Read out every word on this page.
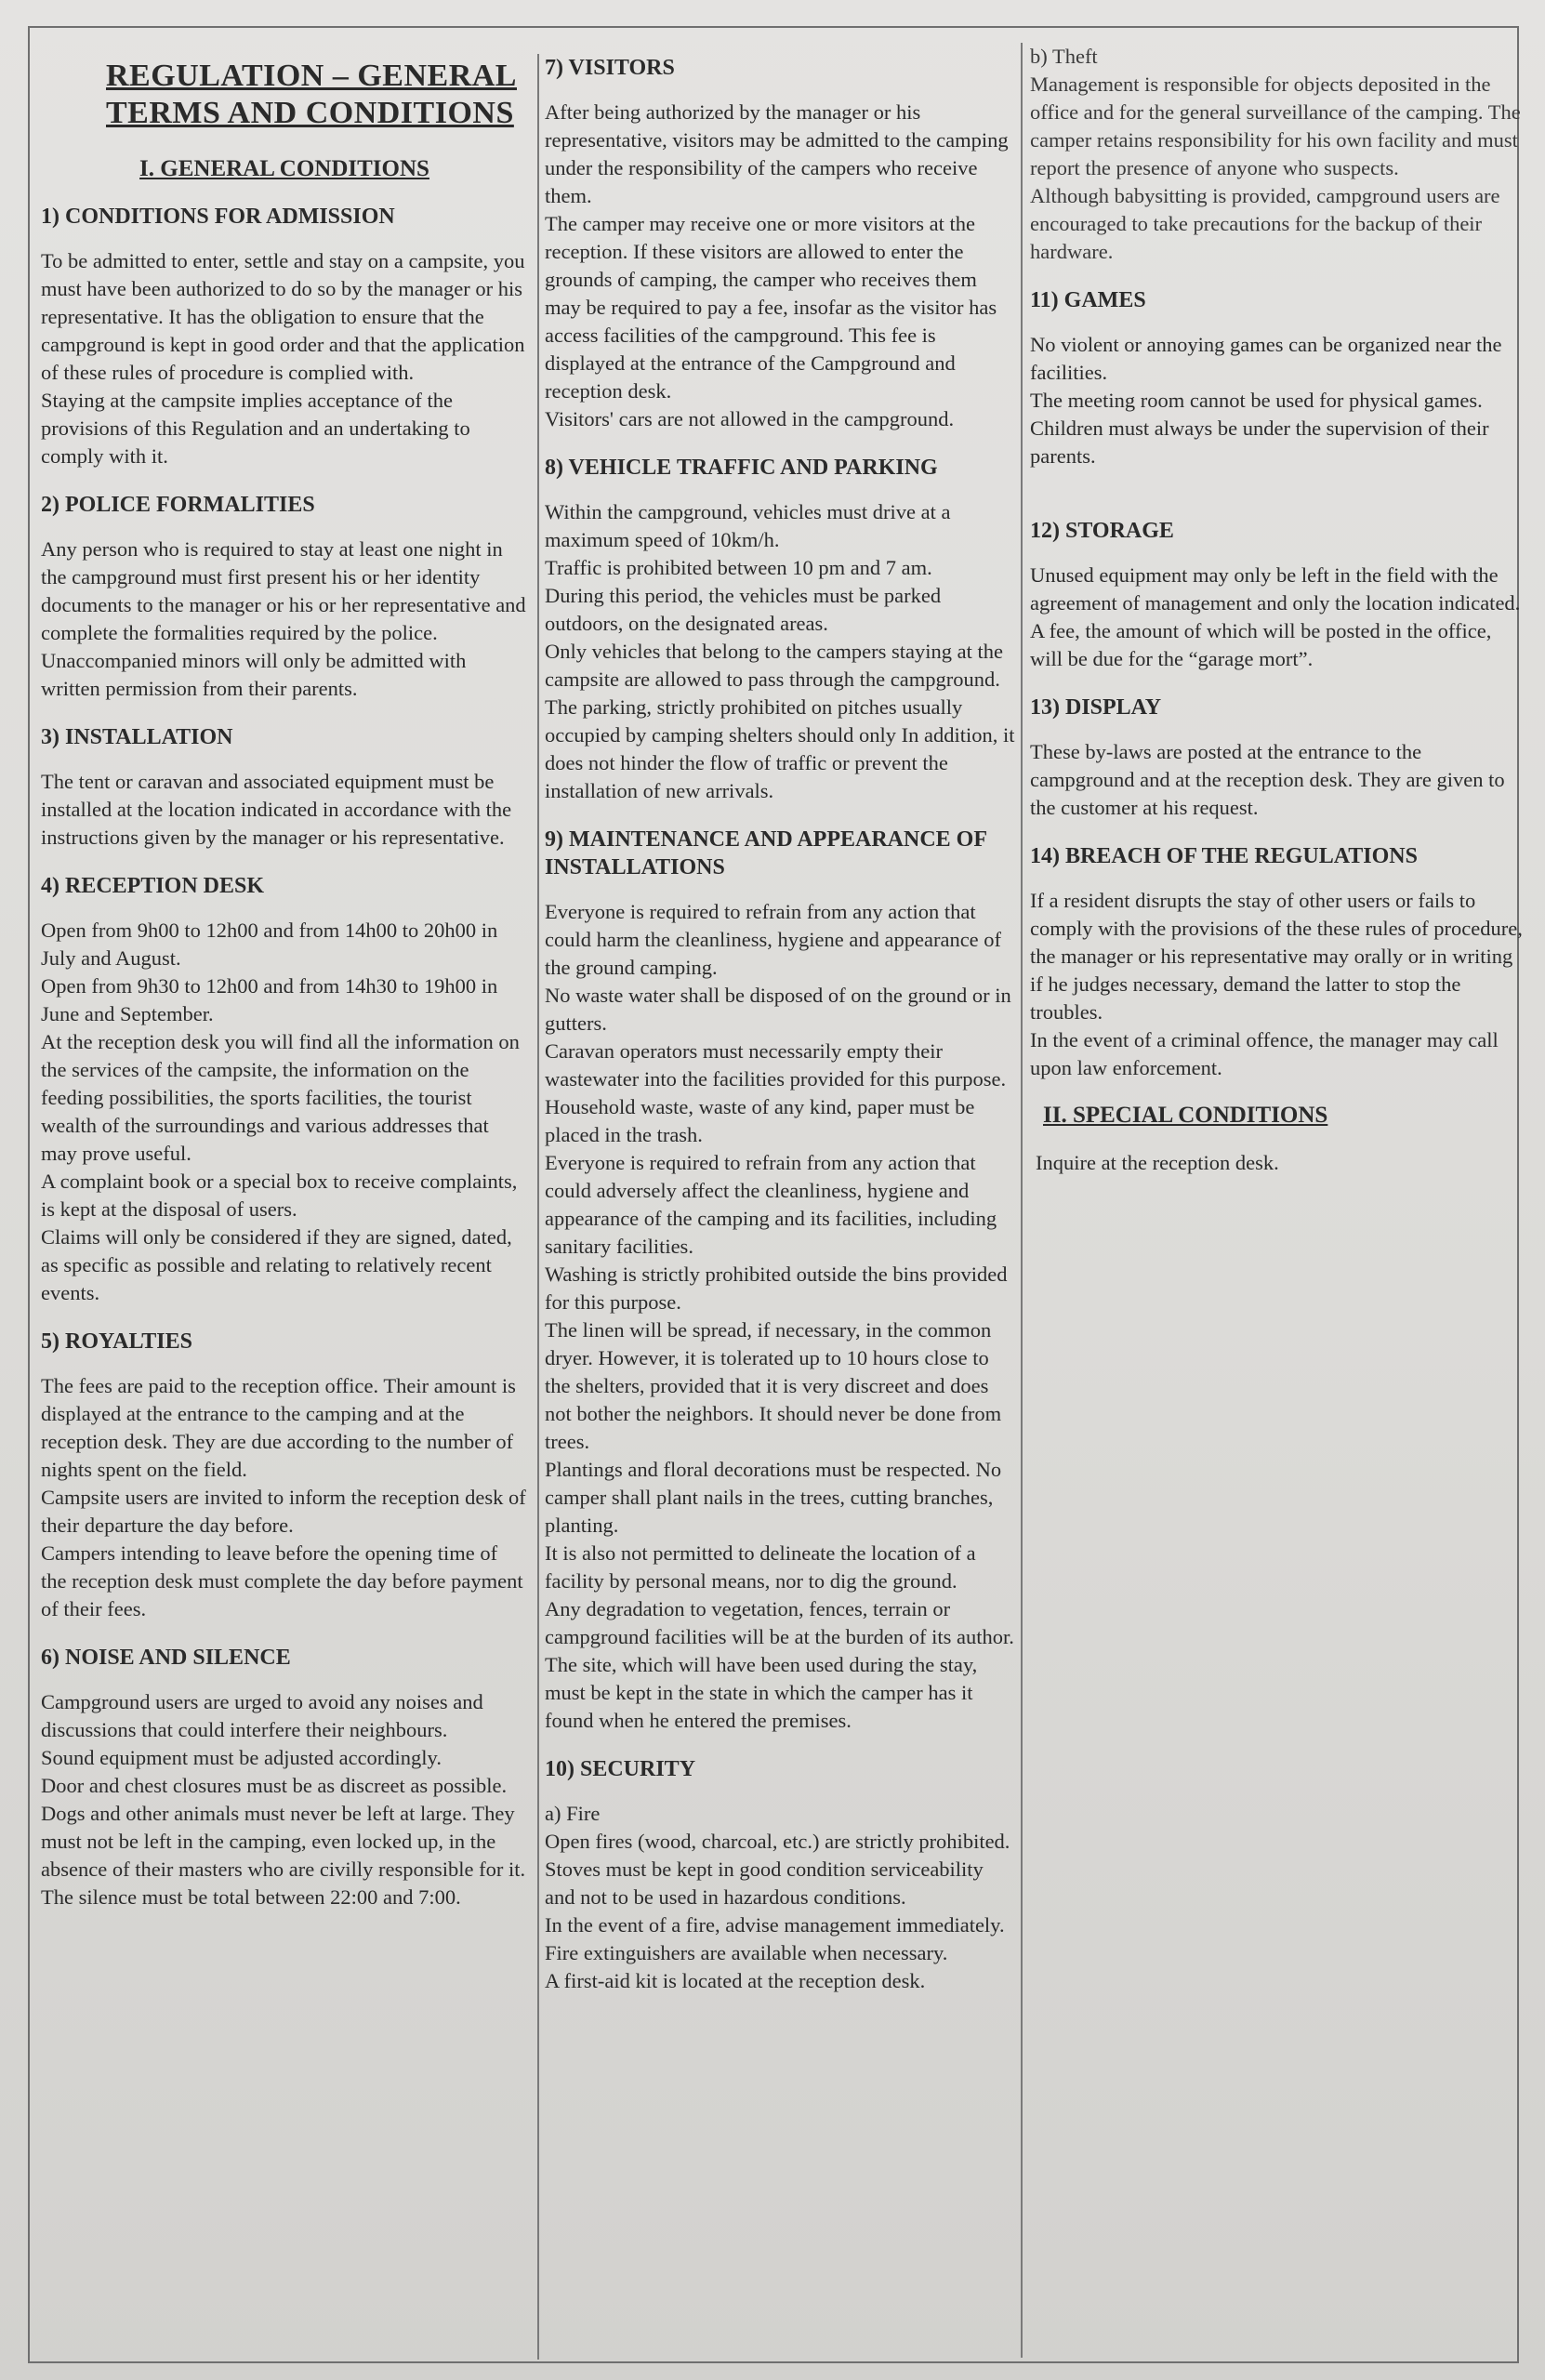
REGULATION – GENERAL TERMS AND CONDITIONS
I. GENERAL CONDITIONS
1) CONDITIONS FOR ADMISSION

To be admitted to enter, settle and stay on a campsite, you must have been authorized to do so by the manager or his representative. It has the obligation to ensure that the campground is kept in good order and that the application of these rules of procedure is complied with.

Staying at the campsite implies acceptance of the provisions of this Regulation and an undertaking to comply with it.

2) POLICE FORMALITIES

Any person who is required to stay at least one night in the campground must first present his or her identity documents to the manager or his or her representative and complete the formalities required by the police.

Unaccompanied minors will only be admitted with written permission from their parents.

3) INSTALLATION

The tent or caravan and associated equipment must be installed at the location indicated in accordance with the instructions given by the manager or his representative.

4) RECEPTION DESK

Open from 9h00 to 12h00 and from 14h00 to 20h00 in July and August.

Open from 9h30 to 12h00 and from 14h30 to 19h00 in June and September.

At the reception desk you will find all the information on the services of the campsite, the information on the feeding possibilities, the sports facilities, the tourist wealth of the surroundings and various addresses that may prove useful.

A complaint book or a special box to receive complaints, is kept at the disposal of users.

Claims will only be considered if they are signed, dated, as specific as possible and relating to relatively recent events.

5) ROYALTIES

The fees are paid to the reception office. Their amount is displayed at the entrance to the camping and at the reception desk. They are due according to the number of nights spent on the field.

Campsite users are invited to inform the reception desk of their departure the day before.

Campers intending to leave before the opening time of the reception desk must complete the day before payment of their fees.

6) NOISE AND SILENCE

Campground users are urged to avoid any noises and discussions that could interfere their neighbours.

Sound equipment must be adjusted accordingly.

Door and chest closures must be as discreet as possible.

Dogs and other animals must never be left at large. They must not be left in the camping, even locked up, in the absence of their masters who are civilly responsible for it.

The silence must be total between 22:00 and 7:00.

7) VISITORS

After being authorized by the manager or his representative, visitors may be admitted to the camping under the responsibility of the campers who receive them.

The camper may receive one or more visitors at the reception. If these visitors are allowed to enter the grounds of camping, the camper who receives them may be required to pay a fee, insofar as the visitor has access facilities of the campground. This fee is displayed at the entrance of the Campground and reception desk.

Visitors' cars are not allowed in the campground.

8) VEHICLE TRAFFIC AND PARKING

Within the campground, vehicles must drive at a maximum speed of 10km/h.

Traffic is prohibited between 10 pm and 7 am.

During this period, the vehicles must be parked outdoors, on the designated areas.

Only vehicles that belong to the campers staying at the campsite are allowed to pass through the campground. The parking, strictly prohibited on pitches usually occupied by camping shelters should only In addition, it does not hinder the flow of traffic or prevent the installation of new arrivals.

9) MAINTENANCE AND APPEARANCE OF INSTALLATIONS

Everyone is required to refrain from any action that could harm the cleanliness, hygiene and appearance of the ground camping.

No waste water shall be disposed of on the ground or in gutters.

Caravan operators must necessarily empty their wastewater into the facilities provided for this purpose.

Household waste, waste of any kind, paper must be placed in the trash.

Everyone is required to refrain from any action that could adversely affect the cleanliness, hygiene and appearance of the camping and its facilities, including sanitary facilities.

Washing is strictly prohibited outside the bins provided for this purpose.

The linen will be spread, if necessary, in the common dryer. However, it is tolerated up to 10 hours close to the shelters, provided that it is very discreet and does not bother the neighbors. It should never be done from trees.

Plantings and floral decorations must be respected. No camper shall plant nails in the trees, cutting branches, planting.

It is also not permitted to delineate the location of a facility by personal means, nor to dig the ground.

Any degradation to vegetation, fences, terrain or campground facilities will be at the burden of its author.

The site, which will have been used during the stay, must be kept in the state in which the camper has it found when he entered the premises.

10) SECURITY

a) Fire

Open fires (wood, charcoal, etc.) are strictly prohibited. Stoves must be kept in good condition serviceability and not to be used in hazardous conditions.

In the event of a fire, advise management immediately. Fire extinguishers are available when necessary.

A first-aid kit is located at the reception desk.

b) Theft

Management is responsible for objects deposited in the office and for the general surveillance of the camping. The camper retains responsibility for his own facility and must report the presence of anyone who suspects.

Although babysitting is provided, campground users are encouraged to take precautions for the backup of their hardware.

11) GAMES

No violent or annoying games can be organized near the facilities.

The meeting room cannot be used for physical games.

Children must always be under the supervision of their parents.

12) STORAGE

Unused equipment may only be left in the field with the agreement of management and only the location indicated. A fee, the amount of which will be posted in the office, will be due for the “garage mort”.

13) DISPLAY

These by-laws are posted at the entrance to the campground and at the reception desk. They are given to the customer at his request.

14) BREACH OF THE REGULATIONS

If a resident disrupts the stay of other users or fails to comply with the provisions of the these rules of procedure, the manager or his representative may orally or in writing if he judges necessary, demand the latter to stop the troubles.

In the event of a criminal offence, the manager may call upon law enforcement.

II. SPECIAL CONDITIONS

Inquire at the reception desk.
